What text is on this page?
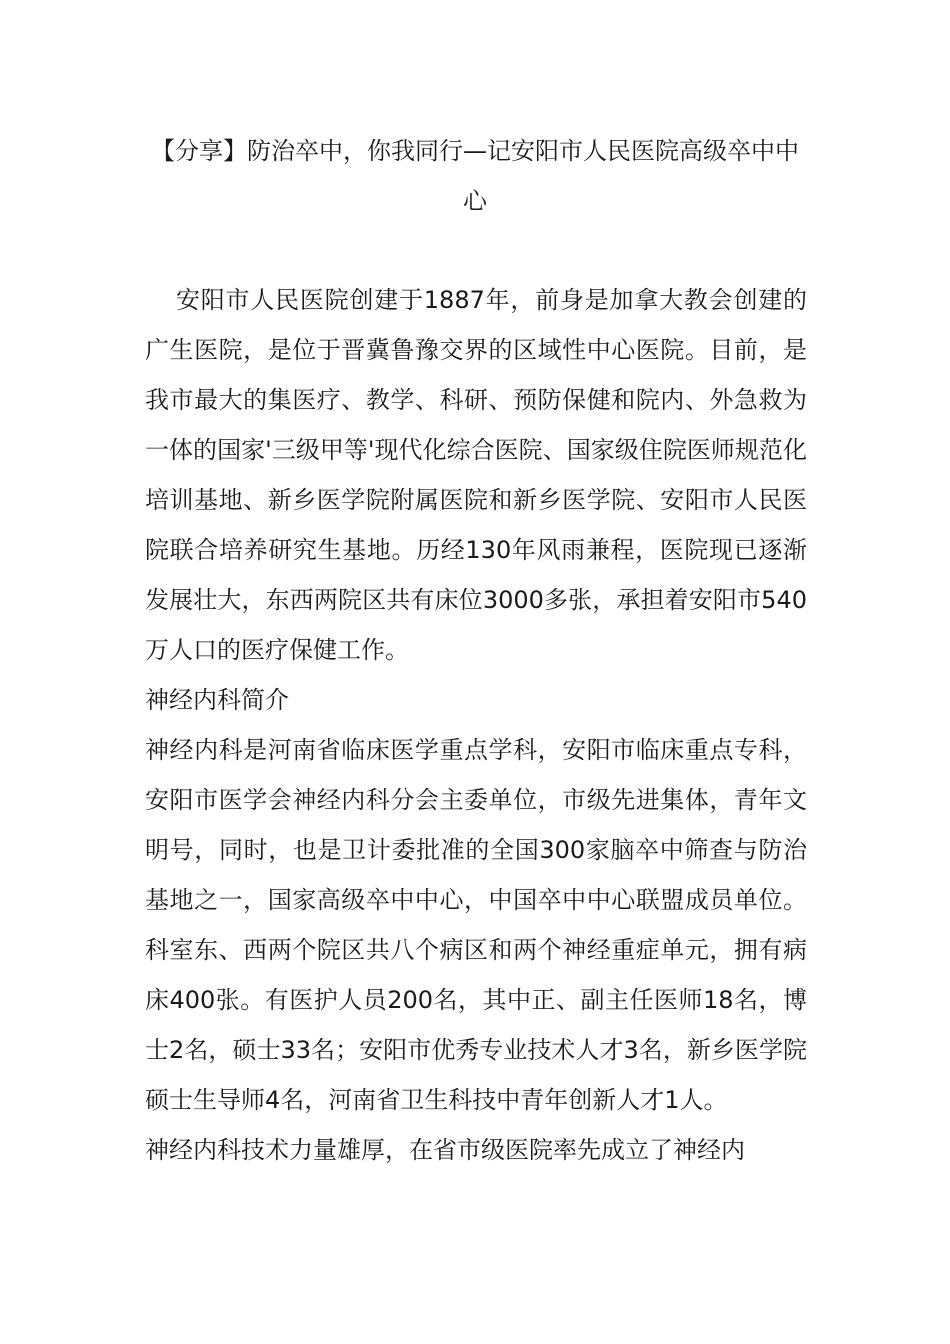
【分享】防治卒中，你我同行—记安阳市人民医院高级卒中中心

安阳市人民医院创建于1887年，前身是加拿大教会创建的广生医院，是位于晋冀鲁豫交界的区域性中心医院。目前，是我市最大的集医疗、教学、科研、预防保健和院内、外急救为一体的国家'三级甲等'现代化综合医院、国家级住院医师规范化培训基地、新乡医学院附属医院和新乡医学院、安阳市人民医院联合培养研究生基地。历经130年风雨兼程，医院现已逐渐发展壮大，东西两院区共有床位3000多张，承担着安阳市540万人口的医疗保健工作。

神经内科简介

神经内科是河南省临床医学重点学科，安阳市临床重点专科，安阳市医学会神经内科分会主委单位，市级先进集体，青年文明号，同时，也是卫计委批准的全国300家脑卒中筛查与防治基地之一，国家高级卒中中心，中国卒中中心联盟成员单位。科室东、西两个院区共八个病区和两个神经重症单元，拥有病床400张。有医护人员200名，其中正、副主任医师18名，博士2名，硕士33名；安阳市优秀专业技术人才3名，新乡医学院硕士生导师4名，河南省卫生科技中青年创新人才1人。

神经内科技术力量雄厚，在省市级医院率先成立了神经内
